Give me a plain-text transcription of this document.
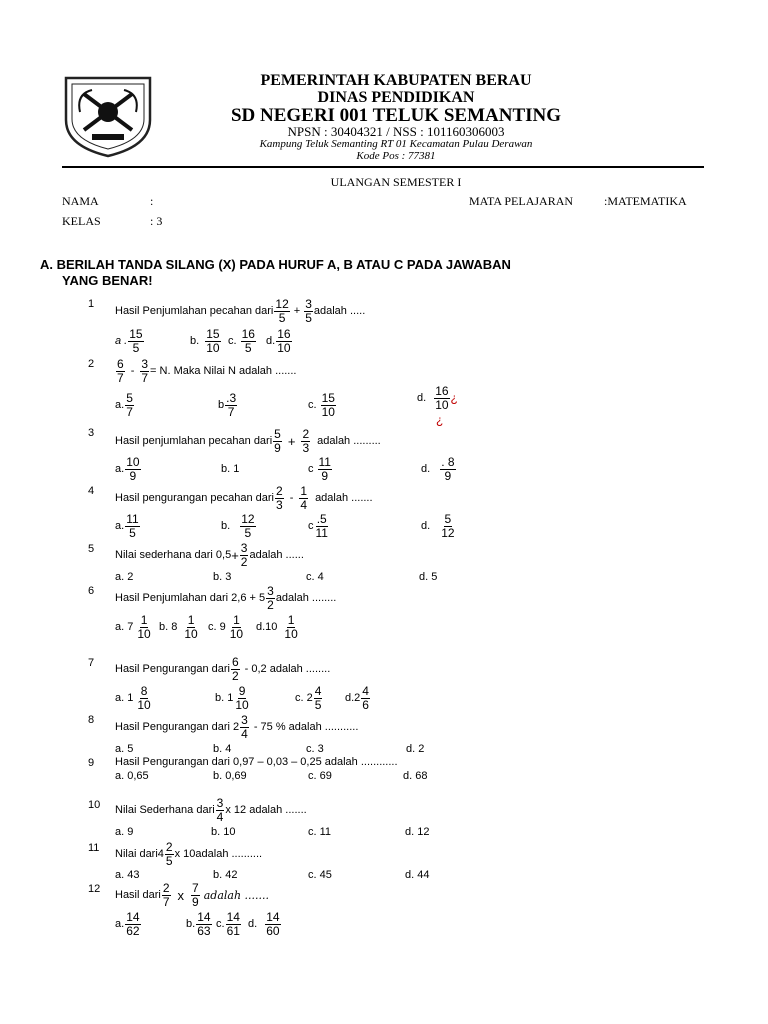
PEMERINTAH KABUPATEN BERAU
DINAS PENDIDIKAN
SD NEGERI 001 TELUK SEMANTING
NPSN : 30404321 / NSS : 101160306003
Kampung Teluk Semanting RT 01 Kecamatan Pulau Derawan
Kode Pos : 77381
ULANGAN SEMESTER I
NAMA	:	MATA PELAJARAN	:MATEMATIKA
KELAS	: 3
A. BERILAH TANDA SILANG (X) PADA HURUF A, B ATAU C PADA JAWABAN
YANG BENAR!
1
Hasil Penjumlahan pecahan dari $\frac{12}{5} + \frac{3}{5}$ adalah .....
a . $\frac{15}{5}$	b. $\frac{15}{10} c$. $\frac{16}{5} d$. $\frac{16}{10}$
$2 \frac{6}{7} - \frac{3}{7} = N$. Maka Nilai N adalah .......
a. $\frac{5}{7}$	b $\frac{.3}{7}$	c. $\frac{15}{10}$	d. $\frac{16}{10}$ ¿
¿
3
Hasil penjumlahan pecahan dari $\frac{5}{9} + \frac{2}{3}$ adalah .........
a. $\frac{10}{9}$	b. 1	c $\frac{11}{9}$	d. $\frac{. 8}{9}$
4
Hasil pengurangan pecahan dari $\frac{2}{3} - \frac{1}{4}$ adalah .......
a. $\frac{11}{5}$	b. $\frac{12}{5}$	c $\frac{.5}{11}$	d. $\frac{5}{12}$
5
Nilai sederhana dari $0,5 + \frac{3}{2}$ adalah ......
a. 2	b. 3	c. 4	d. 5
6
Hasil Penjumlahan dari $2,6 + 5 \frac{3}{2}$ adalah ........
a. $7 \frac{1}{10} b$. $8 \frac{1}{10} c$. $9 \frac{1}{10} d.10 \frac{1}{10}$
7
Hasil Pengurangan dari $\frac{6}{2} - 0,2$ adalah ........
a. $1 \frac{8}{10}$	b. $1 \frac{9}{10}$	c. $2 \frac{4}{5} d.2 \frac{4}{6}$
8
Hasil Pengurangan dari $2 \frac{3}{4} - 75$ % adalah ...........
a. 5	b. 4	c. 3	d. 2
9 Hasil Pengurangan dari 0,97 – 0,03 – 0,25 adalah ............
a. 0,65	b. 0,69	c. 69	d. 68
10 Nilai Sederhana dari $\frac{3}{4}$ x 12 adalah .......
a. 9	b. 10	c. 11	d. 12
11
Nilai dari4 $\frac{2}{5}$ x 10adalah ..........
a. 43	b. 42	c. 45	d. 44
12
Hasil dari $\frac{2}{7}$ x $\frac{7}{9}$ adalah .......
a. $\frac{14}{62}$	b. $\frac{14}{63} c$. $\frac{14}{61} d$. $\frac{14}{60}$
